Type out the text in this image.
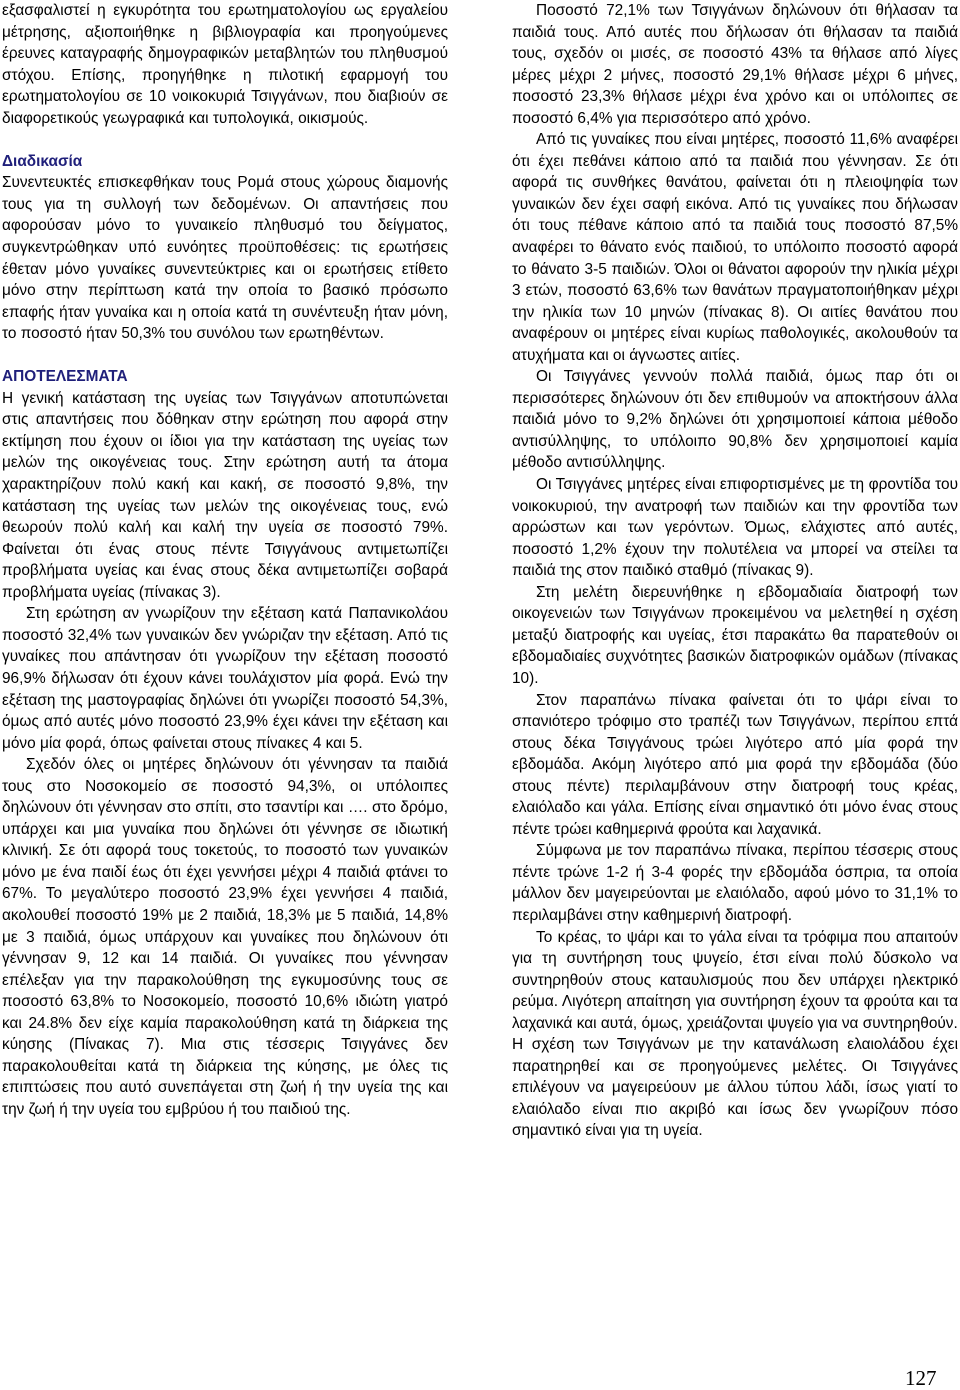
εξασφαλιστεί η εγκυρότητα του ερωτηματολογίου ως εργαλείου μέτρησης, αξιοποιήθηκε η βιβλιογραφία και προηγούμενες έρευνες καταγραφής δημογραφικών μεταβλητών του πληθυσμού στόχου. Επίσης, προηγήθηκε η πιλοτική εφαρμογή του ερωτηματολογίου σε 10 νοικοκυριά Τσιγγάνων, που διαβιούν σε διαφορετικούς γεωγραφικά και τυπολογικά, οικισμούς.

Διαδικασία

Συνεντευκτές επισκεφθήκαν τους Ρομά στους χώρους διαμονής τους για τη συλλογή των δεδομένων. Οι απαντήσεις που αφορούσαν μόνο το γυναικείο πληθυσμό του δείγματος, συγκεντρώθηκαν υπό ευνόητες προϋποθέσεις: τις ερωτήσεις έθεταν μόνο γυναίκες συνεντεύκτριες και οι ερωτήσεις ετίθετο μόνο στην περίπτωση κατά την οποία το βασικό πρόσωπο επαφής ήταν γυναίκα και η οποία κατά τη συνέντευξη ήταν μόνη, το ποσοστό ήταν 50,3% του συνόλου των ερωτηθέντων.

ΑΠΟΤΕΛΕΣΜΑΤΑ

Η γενική κατάσταση της υγείας των Τσιγγάνων αποτυπώνεται στις απαντήσεις που δόθηκαν στην ερώτηση που αφορά στην εκτίμηση που έχουν οι ίδιοι για την κατάσταση της υγείας των μελών της οικογένειας τους. Στην ερώτηση αυτή τα άτομα χαρακτηρίζουν πολύ κακή και κακή, σε ποσοστό 9,8%, την κατάσταση της υγείας των μελών της οικογένειας τους, ενώ θεωρούν πολύ καλή και καλή την υγεία σε ποσοστό 79%. Φαίνεται ότι ένας στους πέντε Τσιγγάνους αντιμετωπίζει προβλήματα υγείας και ένας στους δέκα αντιμετωπίζει σοβαρά προβλήματα υγείας (πίνακας 3).

Στη ερώτηση αν γνωρίζουν την εξέταση κατά Παπανικολάου ποσοστό 32,4% των γυναικών δεν γνώριζαν την εξέταση. Από τις γυναίκες που απάντησαν ότι γνωρίζουν την εξέταση ποσοστό 96,9% δήλωσαν ότι έχουν κάνει τουλάχιστον μία φορά. Ενώ την εξέταση της μαστογραφίας δηλώνει ότι γνωρίζει ποσοστό 54,3%, όμως από αυτές μόνο ποσοστό 23,9% έχει κάνει την εξέταση και μόνο μία φορά, όπως φαίνεται στους πίνακες 4 και 5.

Σχεδόν όλες οι μητέρες δηλώνουν ότι γέννησαν τα παιδιά τους στο Νοσοκομείο σε ποσοστό 94,3%, οι υπόλοιπες δηλώνουν ότι γέννησαν στο σπίτι, στο τσαντίρι και …. στο δρόμο, υπάρχει και μια γυναίκα που δηλώνει ότι γέννησε σε ιδιωτική κλινική. Σε ότι αφορά τους τοκετούς, το ποσοστό των γυναικών μόνο με ένα παιδί έως ότι έχει γεννήσει μέχρι 4 παιδιά φτάνει το 67%. Το μεγαλύτερο ποσοστό 23,9% έχει γεννήσει 4 παιδιά, ακολουθεί ποσοστό 19% με 2 παιδιά, 18,3% με 5 παιδιά, 14,8% με 3 παιδιά, όμως υπάρχουν και γυναίκες που δηλώνουν ότι γέννησαν 9, 12 και 14 παιδιά. Οι γυναίκες που γέννησαν επέλεξαν για την παρακολούθηση της εγκυμοσύνης τους σε ποσοστό 63,8% το Νοσοκομείο, ποσοστό 10,6% ιδιώτη γιατρό και 24.8% δεν είχε καμία παρακολούθηση κατά τη διάρκεια της κύησης (Πίνακας 7). Μια στις τέσσερις Τσιγγάνες δεν παρακολουθείται κατά τη διάρκεια της κύησης, με όλες τις επιπτώσεις που αυτό συνεπάγεται στη ζωή ή την υγεία της και την ζωή ή την υγεία του εμβρύου ή του παιδιού της.

Ποσοστό 72,1% των Τσιγγάνων δηλώνουν ότι θήλασαν τα παιδιά τους. Από αυτές που δήλωσαν ότι θήλασαν τα παιδιά τους, σχεδόν οι μισές, σε ποσοστό 43% τα θήλασε από λίγες μέρες μέχρι 2 μήνες, ποσοστό 29,1% θήλασε μέχρι 6 μήνες, ποσοστό 23,3% θήλασε μέχρι ένα χρόνο και οι υπόλοιπες σε ποσοστό 6,4% για περισσότερο από χρόνο.

Από τις γυναίκες που είναι μητέρες, ποσοστό 11,6% αναφέρει ότι έχει πεθάνει κάποιο από τα παιδιά που γέννησαν. Σε ότι αφορά τις συνθήκες θανάτου, φαίνεται ότι η πλειοψηφία των γυναικών δεν έχει σαφή εικόνα. Από τις γυναίκες που δήλωσαν ότι τους πέθανε κάποιο από τα παιδιά τους ποσοστό 87,5% αναφέρει το θάνατο ενός παιδιού, το υπόλοιπο ποσοστό αφορά το θάνατο 3-5 παιδιών. Όλοι οι θάνατοι αφορούν την ηλικία μέχρι 3 ετών, ποσοστό 63,6% των θανάτων πραγματοποιήθηκαν μέχρι την ηλικία των 10 μηνών (πίνακας 8). Οι αιτίες θανάτου που αναφέρουν οι μητέρες είναι κυρίως παθολογικές, ακολουθούν τα ατυχήματα και οι άγνωστες αιτίες.

Οι Τσιγγάνες γεννούν πολλά παιδιά, όμως παρ ότι οι περισσότερες δηλώνουν ότι δεν επιθυμούν να αποκτήσουν άλλα παιδιά μόνο το 9,2% δηλώνει ότι χρησιμοποιεί κάποια μέθοδο αντισύλληψης, το υπόλοιπο 90,8% δεν χρησιμοποιεί καμία μέθοδο αντισύλληψης.

Οι Τσιγγάνες μητέρες είναι επιφορτισμένες με τη φροντίδα του νοικοκυριού, την ανατροφή των παιδιών και την φροντίδα των αρρώστων και των γερόντων. Όμως, ελάχιστες από αυτές, ποσοστό 1,2% έχουν την πολυτέλεια να μπορεί να στείλει τα παιδιά της στον παιδικό σταθμό (πίνακας 9).

Στη μελέτη διερευνήθηκε η εβδομαδιαία διατροφή των οικογενειών των Τσιγγάνων προκειμένου να μελετηθεί η σχέση μεταξύ διατροφής και υγείας, έτσι παρακάτω θα παρατεθούν οι εβδομαδιαίες συχνότητες βασικών διατροφικών ομάδων (πίνακας 10).

Στον παραπάνω πίνακα φαίνεται ότι το ψάρι είναι το σπανιότερο τρόφιμο στο τραπέζι των Τσιγγάνων, περίπου επτά στους δέκα Τσιγγάνους τρώει λιγότερο από μία φορά την εβδομάδα. Ακόμη λιγότερο από μια φορά την εβδομάδα (δύο στους πέντε) περιλαμβάνουν στην διατροφή τους κρέας, ελαιόλαδο και γάλα. Επίσης είναι σημαντικό ότι μόνο ένας στους πέντε τρώει καθημερινά φρούτα και λαχανικά.

Σύμφωνα με τον παραπάνω πίνακα, περίπου τέσσερις στους πέντε τρώνε 1-2 ή 3-4 φορές την εβδομάδα όσπρια, τα οποία μάλλον δεν μαγειρεύονται με ελαιόλαδο, αφού μόνο το 31,1% το περιλαμβάνει στην καθημερινή διατροφή.

Το κρέας, το ψάρι και το γάλα είναι τα τρόφιμα που απαιτούν για τη συντήρηση τους ψυγείο, έτσι είναι πολύ δύσκολο να συντηρηθούν στους καταυλισμούς που δεν υπάρχει ηλεκτρικό ρεύμα. Λιγότερη απαίτηση για συντήρηση έχουν τα φρούτα και τα λαχανικά και αυτά, όμως, χρειάζονται ψυγείο για να συντηρηθούν.

Η σχέση των Τσιγγάνων με την κατανάλωση ελαιολάδου έχει παρατηρηθεί και σε προηγούμενες μελέτες. Οι Τσιγγάνες επιλέγουν να μαγειρεύουν με άλλου τύπου λάδι, ίσως γιατί το ελαιόλαδο είναι πιο ακριβό και ίσως δεν γνωρίζουν πόσο σημαντικό είναι για τη υγεία.

127
